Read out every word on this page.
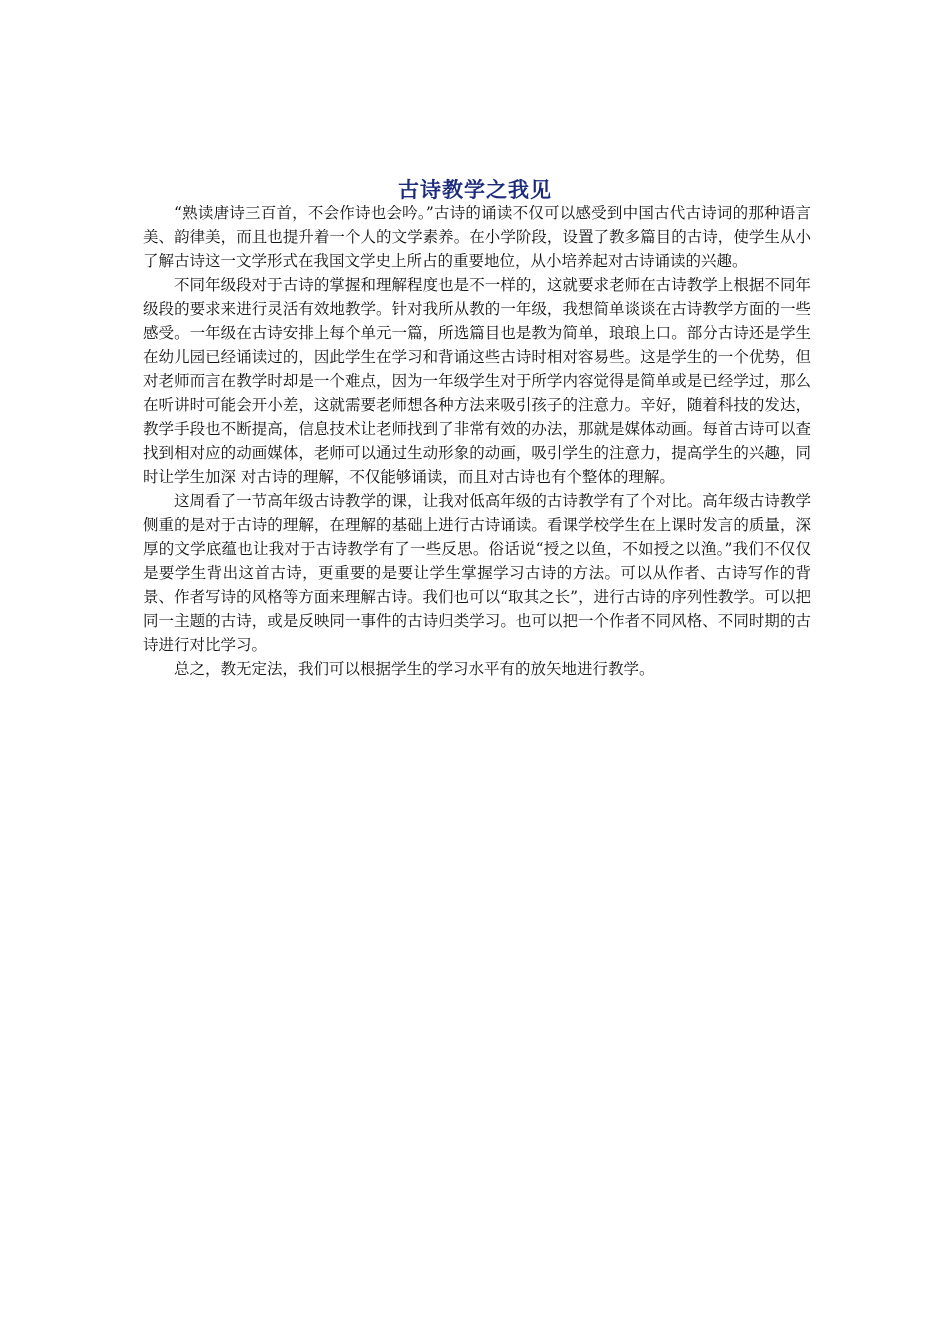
古诗教学之我见

“熟读唐诗三百首，不会作诗也会吟。”古诗的诵读不仅可以感受到中国古代古诗词的那种语言美、韵律美，而且也提升着一个人的文学素养。在小学阶段，设置了教多篇目的古诗，使学生从小了解古诗这一文学形式在我国文学史上所占的重要地位，从小培养起对古诗诵读的兴趣。

不同年级段对于古诗的掌握和理解程度也是不一样的，这就要求老师在古诗教学上根据不同年级段的要求来进行灵活有效地教学。针对我所从教的一年级，我想简单谈谈在古诗教学方面的一些感受。一年级在古诗安排上每个单元一篇，所选篇目也是教为简单，琅琅上口。部分古诗还是学生在幼儿园已经诵读过的，因此学生在学习和背诵这些古诗时相对容易些。这是学生的一个优势，但对老师而言在教学时却是一个难点，因为一年级学生对于所学内容觉得是简单或是已经学过，那么在听讲时可能会开小差，这就需要老师想各种方法来吸引孩子的注意力。辛好，随着科技的发达，教学手段也不断提高，信息技术让老师找到了非常有效的办法，那就是媒体动画。每首古诗可以查找到相对应的动画媒体，老师可以通过生动形象的动画，吸引学生的注意力，提高学生的兴趣，同时让学生加深 对古诗的理解，不仅能够诵读，而且对古诗也有个整体的理解。

这周看了一节高年级古诗教学的课，让我对低高年级的古诗教学有了个对比。高年级古诗教学侧重的是对于古诗的理解，在理解的基础上进行古诗诵读。看课学校学生在上课时发言的质量，深厚的文学底蕴也让我对于古诗教学有了一些反思。俗话说“授之以鱼，不如授之以渔。”我们不仅仅是要学生背出这首古诗，更重要的是要让学生掌握学习古诗的方法。可以从作者、古诗写作的背景、作者写诗的风格等方面来理解古诗。我们也可以“取其之长”，进行古诗的序列性教学。可以把同一主题的古诗，或是反映同一事件的古诗归类学习。也可以把一个作者不同风格、不同时期的古诗进行对比学习。

总之，教无定法，我们可以根据学生的学习水平有的放矢地进行教学。
